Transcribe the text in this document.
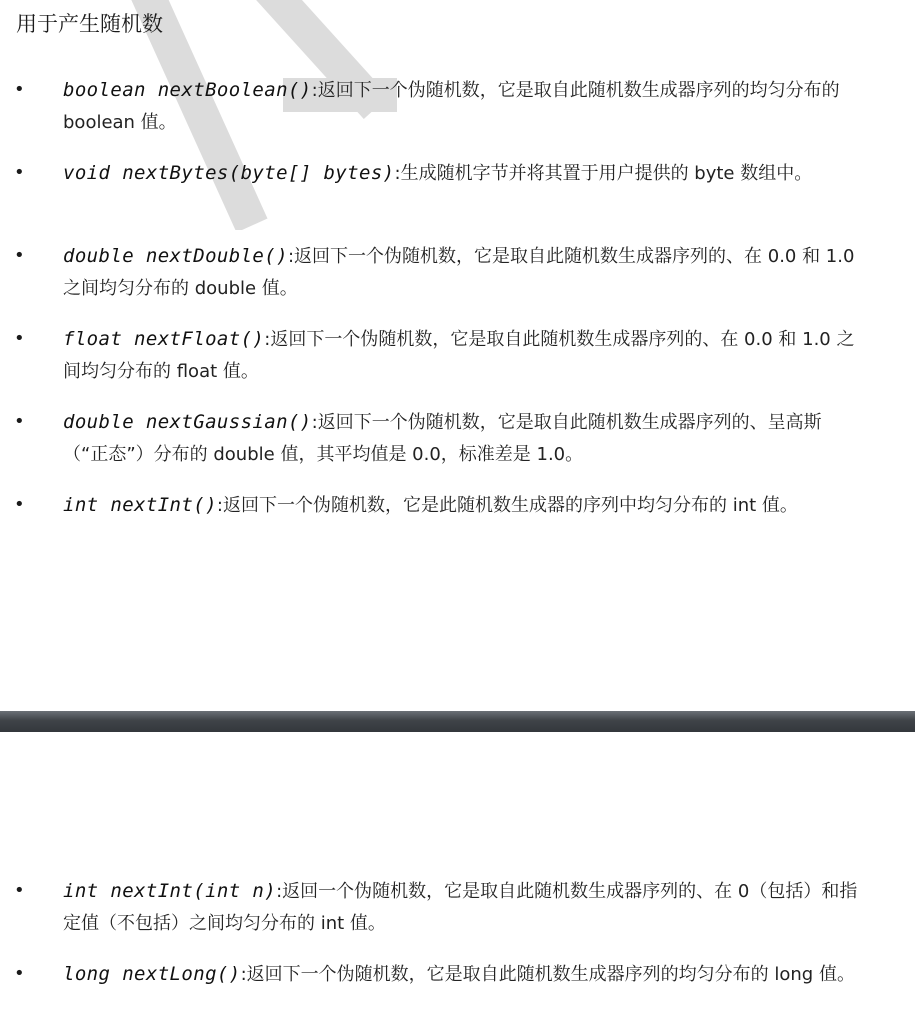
用于产生随机数
• boolean nextBoolean():返回下一个伪随机数，它是取自此随机数生成器序列的均匀分布的 boolean 值。
• void nextBytes(byte[] bytes):生成随机字节并将其置于用户提供的 byte 数组中。
• double nextDouble():返回下一个伪随机数，它是取自此随机数生成器序列的、在 0.0 和 1.0 之间均匀分布的 double 值。
• float nextFloat():返回下一个伪随机数，它是取自此随机数生成器序列的、在 0.0 和 1.0 之间均匀分布的 float 值。
• double nextGaussian():返回下一个伪随机数，它是取自此随机数生成器序列的、呈高斯（“正态”）分布的 double 值，其平均值是 0.0，标准差是 1.0。
• int nextInt():返回下一个伪随机数，它是此随机数生成器的序列中均匀分布的 int 值。
• int nextInt(int n):返回一个伪随机数，它是取自此随机数生成器序列的、在 0（包括）和指定值（不包括）之间均匀分布的 int 值。
• long nextLong():返回下一个伪随机数，它是取自此随机数生成器序列的均匀分布的 long 值。
